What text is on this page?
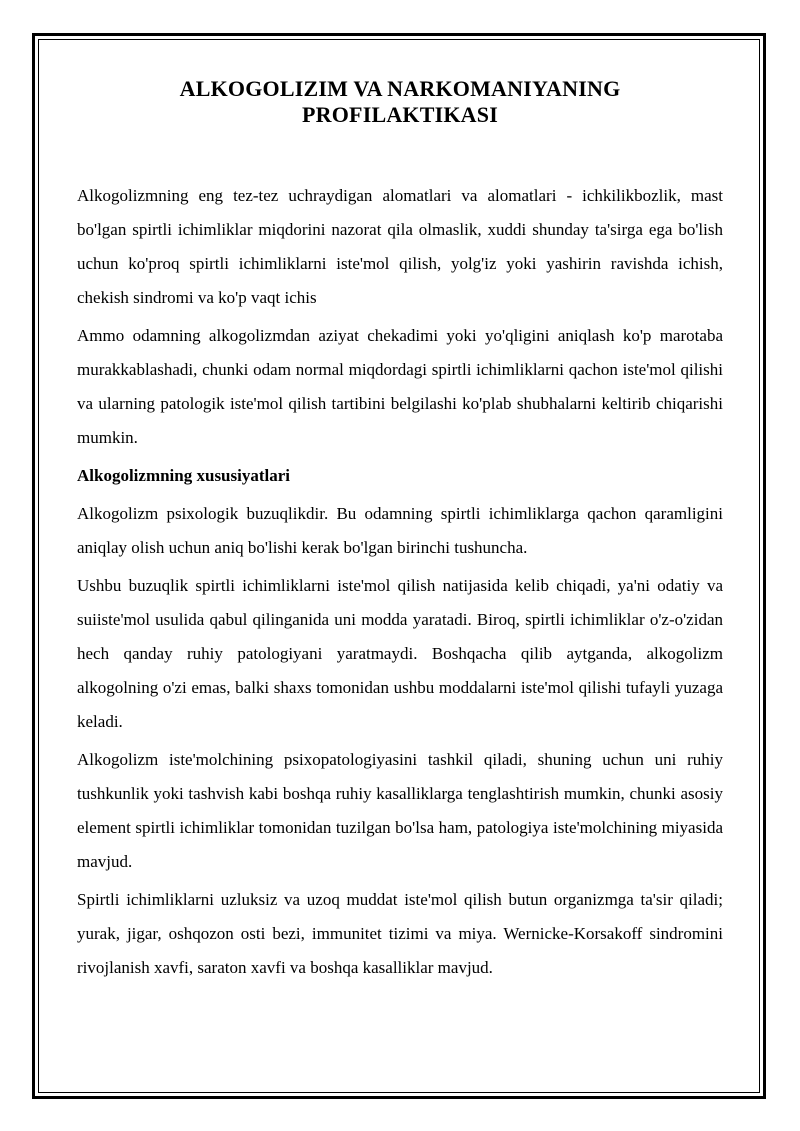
ALKOGOLIZIM VA NARKOMANIYANING
PROFILAKTIKASI

Alkogolizmning eng tez-tez uchraydigan alomatlari va alomatlari - ichkilikbozlik, mast bo'lgan spirtli ichimliklar miqdorini nazorat qila olmaslik, xuddi shunday ta'sirga ega bo'lish uchun ko'proq spirtli ichimliklarni iste'mol qilish, yolg'iz yoki yashirin ravishda ichish, chekish sindromi va ko'p vaqt ichis

Ammo odamning alkogolizmdan aziyat chekadimi yoki yo'qligini aniqlash ko'p marotaba murakkablashadi, chunki odam normal miqdordagi spirtli ichimliklarni qachon iste'mol qilishi va ularning patologik iste'mol qilish tartibini belgilashi ko'plab shubhalarni keltirib chiqarishi mumkin.

Alkogolizmning xususiyatlari

Alkogolizm psixologik buzuqlikdir. Bu odamning spirtli ichimliklarga qachon qaramligini aniqlay olish uchun aniq bo'lishi kerak bo'lgan birinchi tushuncha.

Ushbu buzuqlik spirtli ichimliklarni iste'mol qilish natijasida kelib chiqadi, ya'ni odatiy va suiiste'mol usulida qabul qilinganida uni modda yaratadi. Biroq, spirtli ichimliklar o'z-o'zidan hech qanday ruhiy patologiyani yaratmaydi. Boshqacha qilib aytganda, alkogolizm alkogolning o'zi emas, balki shaxs tomonidan ushbu moddalarni iste'mol qilishi tufayli yuzaga keladi.

Alkogolizm iste'molchining psixopatologiyasini tashkil qiladi, shuning uchun uni ruhiy tushkunlik yoki tashvish kabi boshqa ruhiy kasalliklarga tenglashtirish mumkin, chunki asosiy element spirtli ichimliklar tomonidan tuzilgan bo'lsa ham, patologiya iste'molchining miyasida mavjud.

Spirtli ichimliklarni uzluksiz va uzoq muddat iste'mol qilish butun organizmga ta'sir qiladi; yurak, jigar, oshqozon osti bezi, immunitet tizimi va miya. Wernicke-Korsakoff sindromini rivojlanish xavfi, saraton xavfi va boshqa kasalliklar mavjud.
